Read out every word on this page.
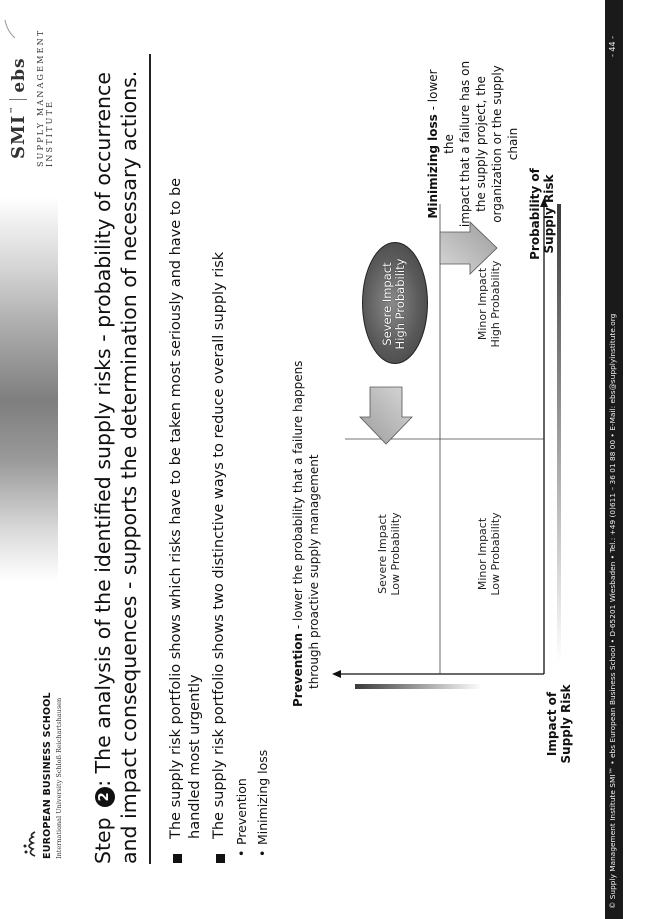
EUROPEAN BUSINESS SCHOOL International University Schloß Reichartshausen
SMI™ebs SUPPLY MANAGEMENT INSTITUTE
Step 2: The analysis of the identified supply risks - probability of occurrence
and impact consequences - supports the determination of necessary actions. The supply risk portfolio shows which risks have to be taken most seriously and have to be handled most urgently The supply risk portfolio shows two distinctive ways to reduce overall supply risk • Prevention • Minimizing loss
Severe Impact Low Probability
Severe Impact High Probability
Minor Impact Low Probability
Minor Impact High Probability
Prevention - lower the probability that a failure happens through proactive supply management
Minimizing loss - lower the impact that a failure has on the supply project, the organization or the supply chain
Impact of Supply Risk
Probability of Supply Risk
© Supply Management Institute SMI™ • ebs European Business School • D-65201 Wiesbaden • Tel.: +49 (0)611 – 36 01 88 00 • E-Mail: ebs@supplyinstitute.org
- 44 -
